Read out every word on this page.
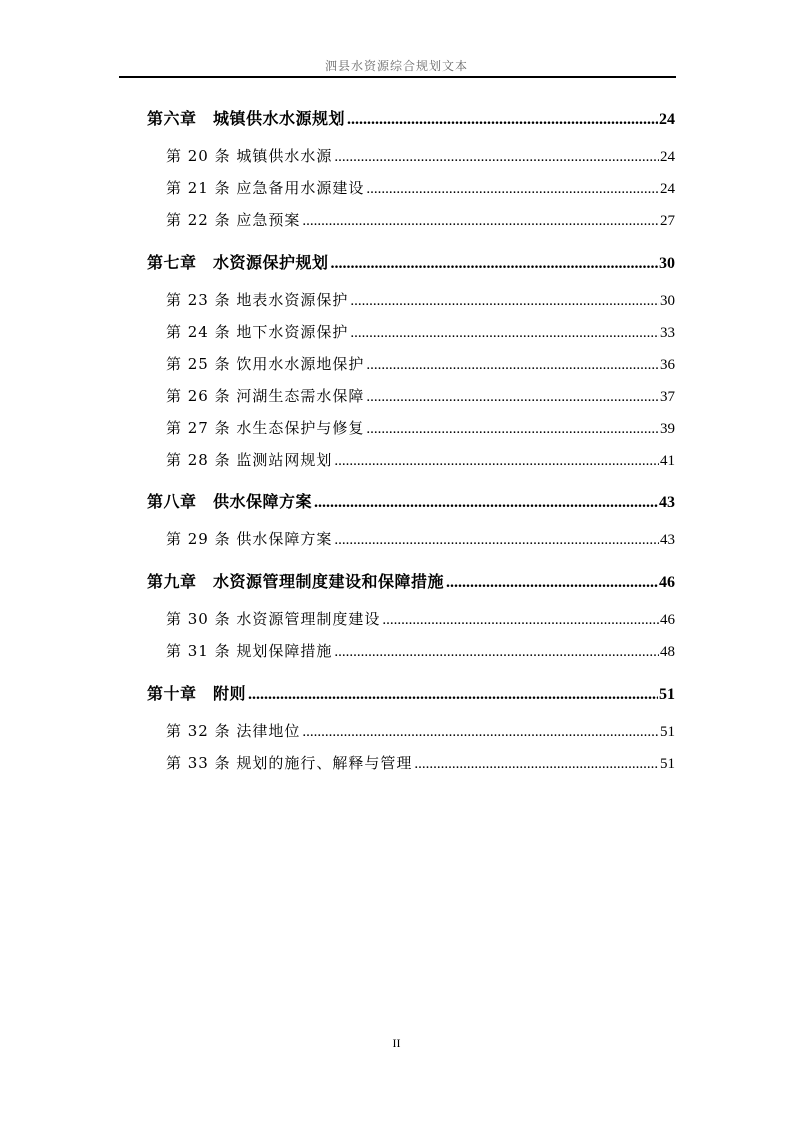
泗县水资源综合规划文本
第六章　城镇供水水源规划 .....	24
第 20 条 城镇供水水源 .....	24
第 21 条 应急备用水源建设 .....	24
第 22 条 应急预案 .....	27
第七章　水资源保护规划 .....	30
第 23 条 地表水资源保护 .....	30
第 24 条 地下水资源保护 .....	33
第 25 条 饮用水水源地保护 .....	36
第 26 条 河湖生态需水保障 .....	37
第 27 条 水生态保护与修复 .....	39
第 28 条 监测站网规划 .....	41
第八章　供水保障方案 .....	43
第 29 条 供水保障方案 .....	43
第九章　水资源管理制度建设和保障措施 .....	46
第 30 条 水资源管理制度建设 .....	46
第 31 条 规划保障措施 .....	48
第十章　附则 .....	51
第 32 条 法律地位 .....	51
第 33 条 规划的施行、解释与管理 .....	51
II
